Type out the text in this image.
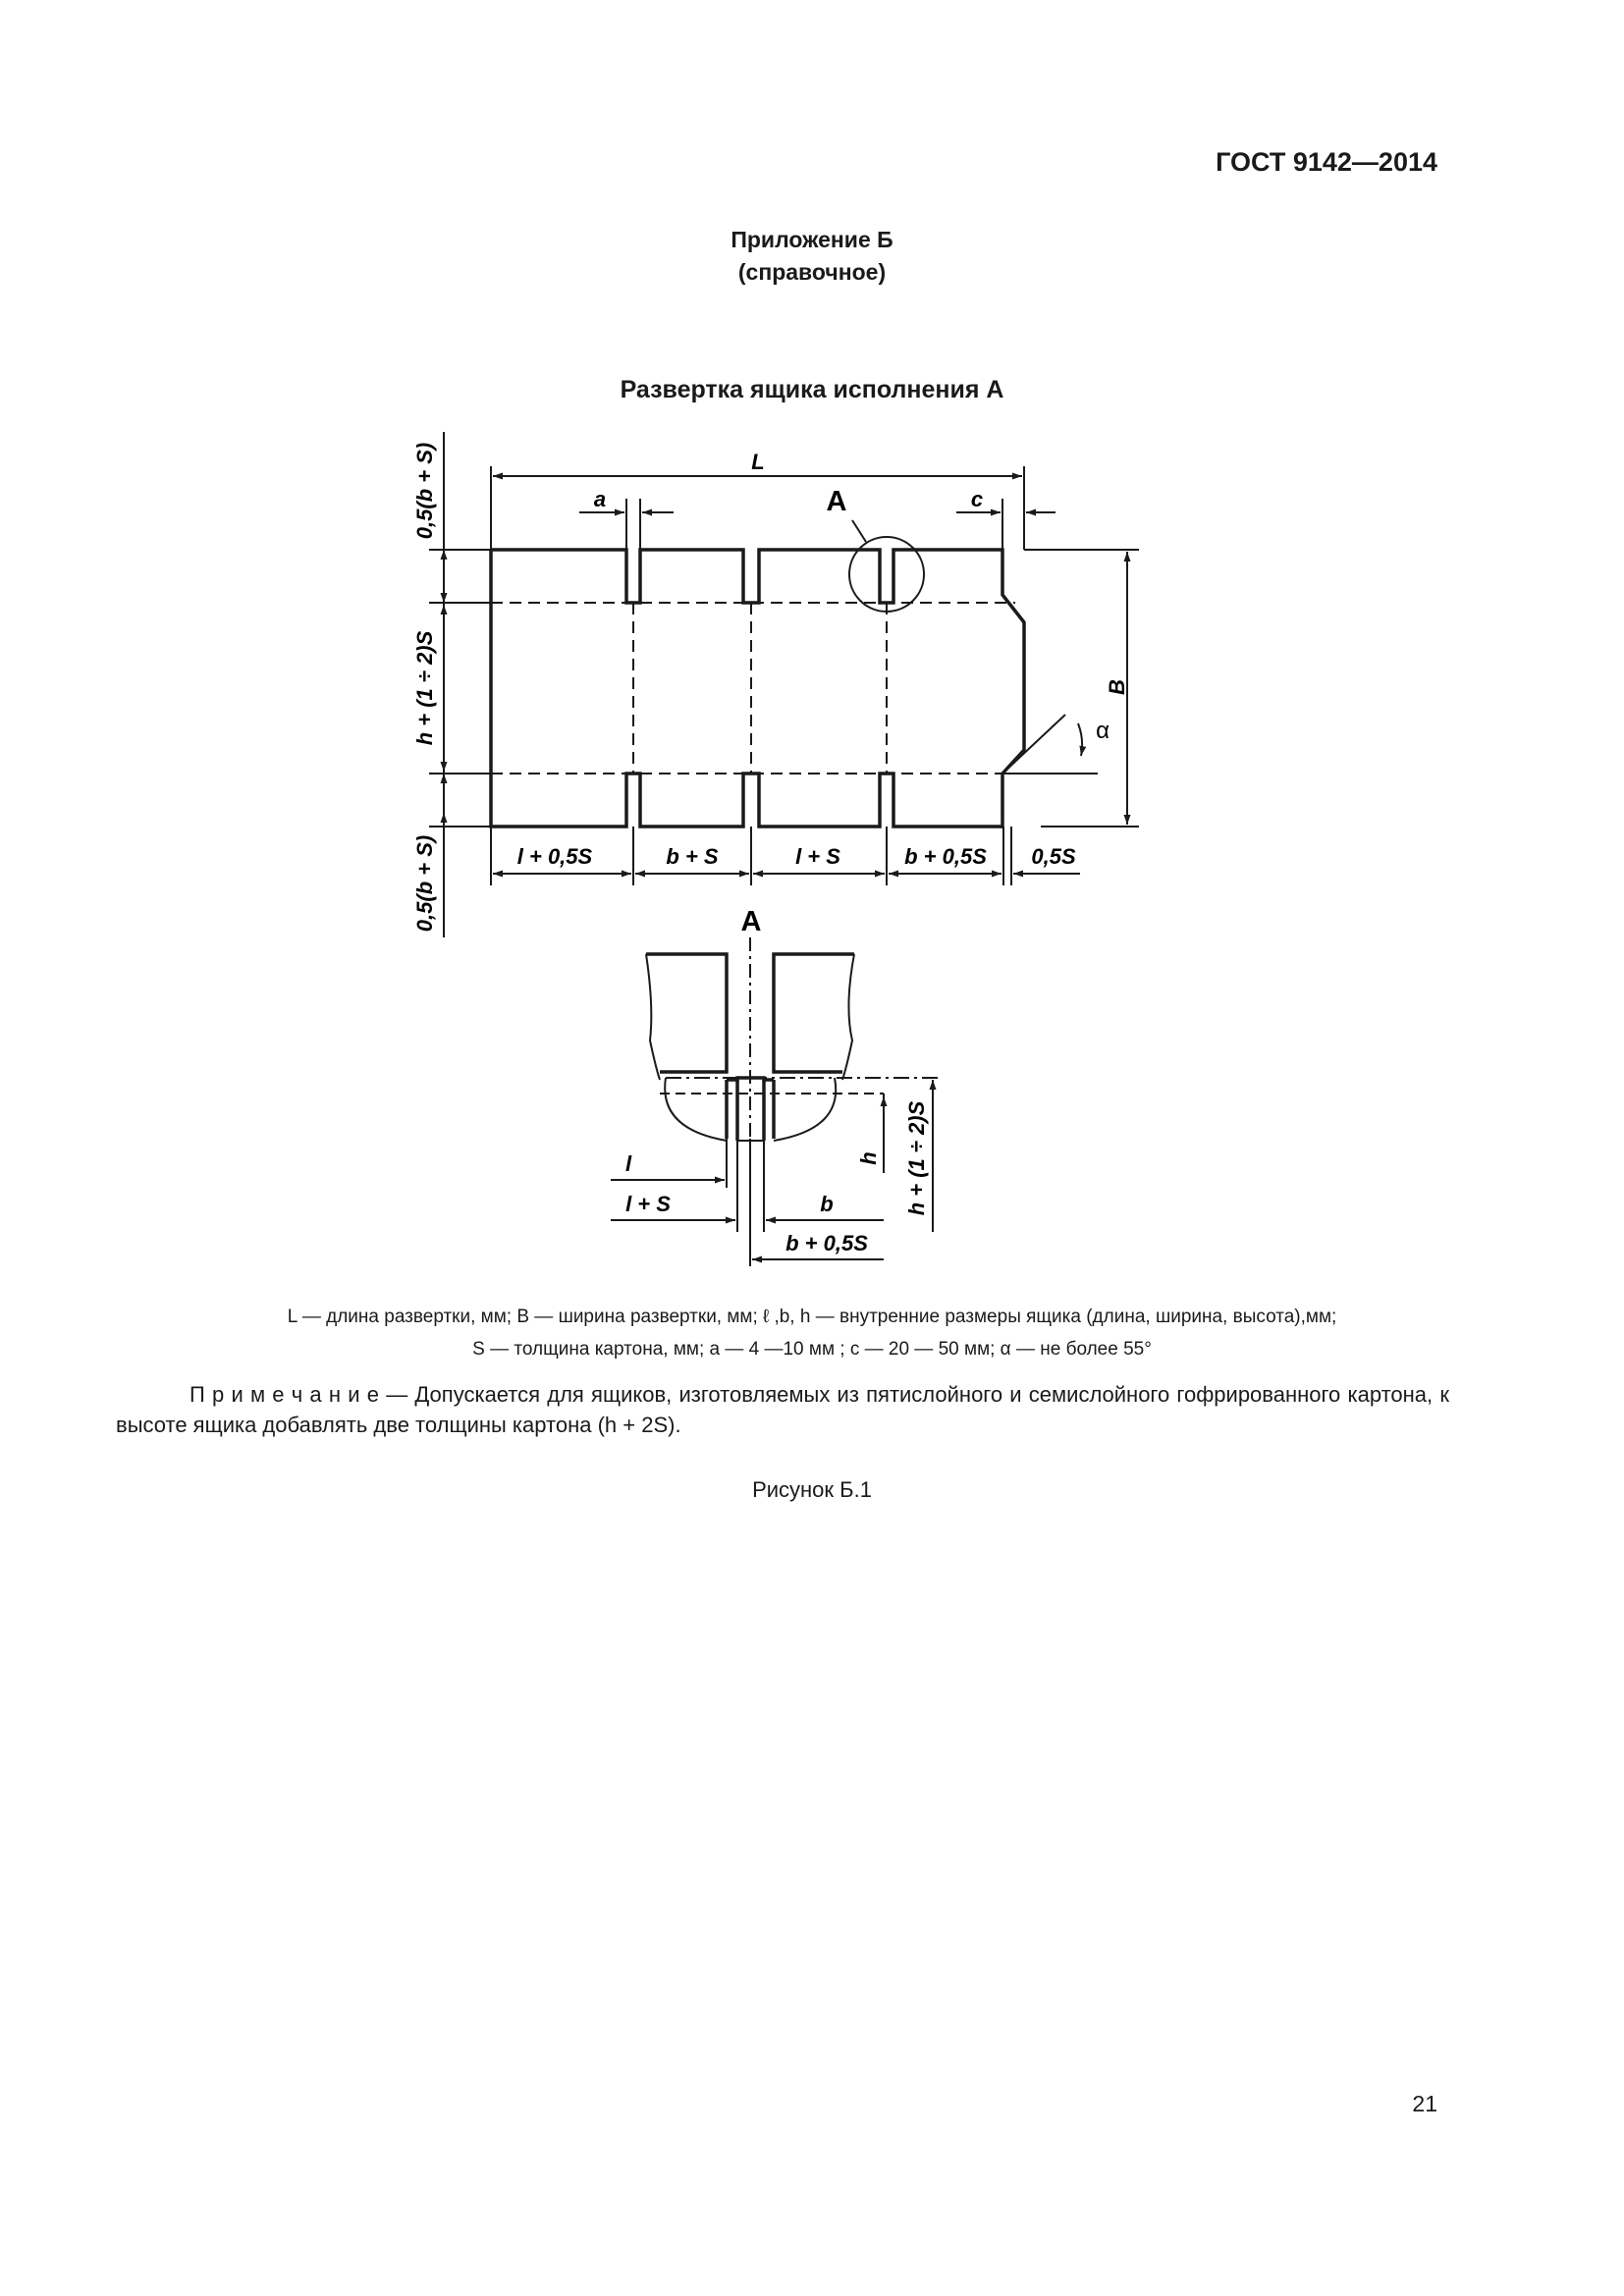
ГОСТ 9142—2014
Приложение Б
(справочное)
Развертка ящика исполнения А
А
L
a	c
0,5(b + S)
h + (1 ÷ 2)S
0,5(b + S)
B
α
l + 0,5S	b + S	l + S	b + 0,5S 0,5S
А
l
l + S	b
b + 0,5S
h h + (1 ÷ 2)S
L — длина развертки, мм; B — ширина развертки, мм; ℓ ,b, h — внутренние размеры ящика (длина, ширина, высота),мм;
S — толщина картона, мм; a — 4 —10 мм ; c — 20 — 50 мм; α — не более 55°
П р и м е ч а н и е — Допускается для ящиков, изготовляемых из пятислойного и семислойного гофрированного картона, к высоте ящика добавлять две толщины картона (h + 2S).
Рисунок Б.1
21
